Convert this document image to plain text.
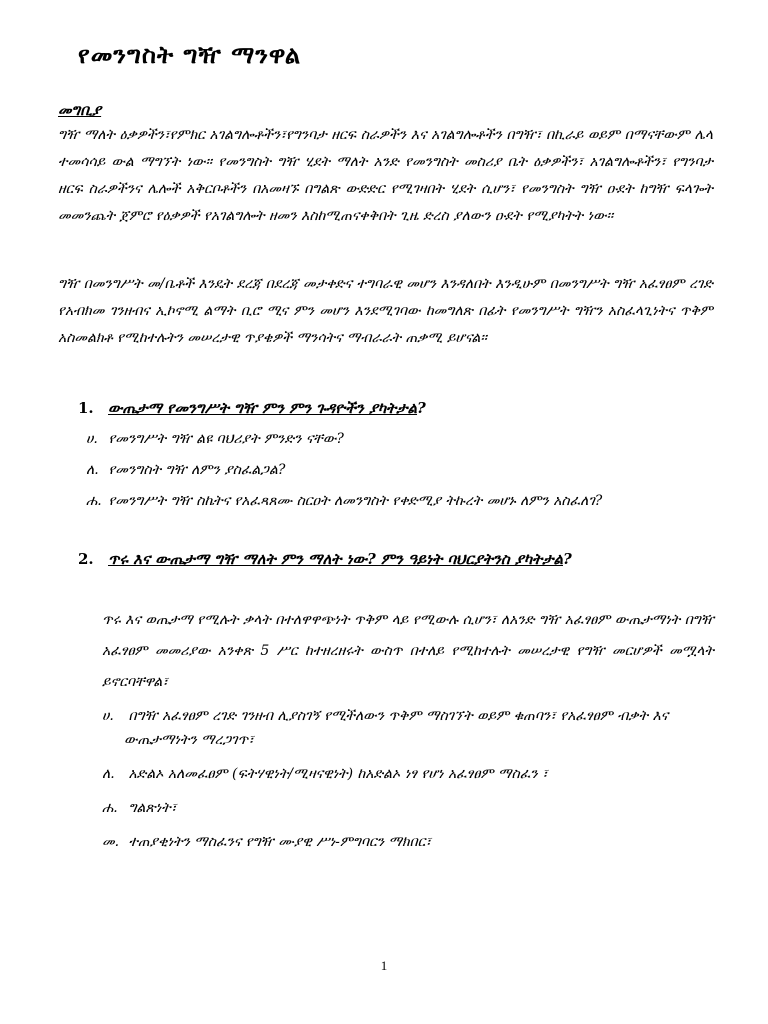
የመንግስት ግዥ ማንዋል
መግቢያ

ግዥ ማለት ዕቃዎችን፣የምክር አገልግሎቶችን፣የግንባታ ዘርፍ ስራዎችን እና አገልግሎቶችን በግዥ፣ በኪራይ ወይም በማናቸውም ሌላ ተመሳሳይ ውል ማግኘት ነው፡፡ የመንግስት ግዥ ሂደት ማለት አንድ የመንግስት መስሪያ ቤት ዕቃዎችን፣ አገልግሎቶችን፣ የግንባታ ዘርፍ ስራዎችንና ሌሎች አቅርቦቶችን በአመዛኙ በግልጽ ውድድር የሚገዛበት ሂደት ሲሆን፣ የመንግስት ግዥ ዑደት ከግዥ ፍላጐት መመንጨት ጀምሮ የዕቃዎች የአገልግሎት ዘመን እስከሚጠናቀቅበት ጊዜ ድረስ ያለውን ዑደት የሚያካትት ነው፡፡

ግዥ በመንግሥት መ/ቤቶች እንዴት ደረጃ በደረጃ መታቀድና ተግባራዊ መሆን እንዳለበት እንዲሁም በመንግሥት ግዥ አፈፃፀም ረገድ የአብክመ ገንዘብና ኢኮኖሚ ልማት ቢሮ ሚና ምን መሆን እንደሚገባው ከመግለጽ በፊት የመንግሥት ግዥን አስፈላጊነትና ጥቅም አስመልክቶ የሚከተሉትን መሠረታዊ ጥያቄዎች ማንሳትና ማብራራት ጠቃሚ ይሆናል፡፡

1. ውጤታማ የመንግሥት ግዥ ምን ምን ጉዳዮችን ያካትታል?
ሀ. የመንግሥት ግዥ ልዩ ባህሪያት ምንድን ናቸው?
ለ. የመንግስት ግዥ ለምን ያስፈልጋል?
ሐ. የመንግሥት ግዥ ስኬትና የአፈጻጸሙ ስርዐት ለመንግስት የቀድሚያ ትኩረት መሆኑ ለምን አስፈለገ?
2. ጥሩ እና ውጤታማ ግዥ ማለት ምን ማለት ነው? ምን ዓይነት ባህርያትንስ ያካትታል?

ጥሩ እና ወጤታማ የሚሉት ቃላት በተለዋዋጭነት ጥቅም ላይ የሚውሉ ሲሆን፣ ለአንድ ግዥ አፈፃፀም ውጤታማነት በግዥ አፈፃፀም መመሪያው አንቀጽ 5 ሥር ከተዘረዘሩት ውስጥ በተለይ የሚከተሉት መሠረታዊ የግዥ መርሆዎች መሟላት ይኖርባቸዋል፣

ሀ. በግዥ አፈፃፀም ረገድ ገንዘብ ሊያስገኝ የሚችለውን ጥቅም ማስገኘት ወይም ቁጠባን፣ የአፈፃፀም ብቃት እና ውጤታማነትን ማረጋገጥ፣
ለ. አድልኦ አለመፈፀም (ፍትሃዊነት/ሚዛናዊነት) ከአድልኦ ነፃ የሆነ አፈፃፀም ማስፈን ፣
ሐ. ግልጽነት፣
መ. ተጠያቂነትን ማስፈንና የግዥ ሙያዊ ሥነ-ምግባርን ማክበር፣
1
